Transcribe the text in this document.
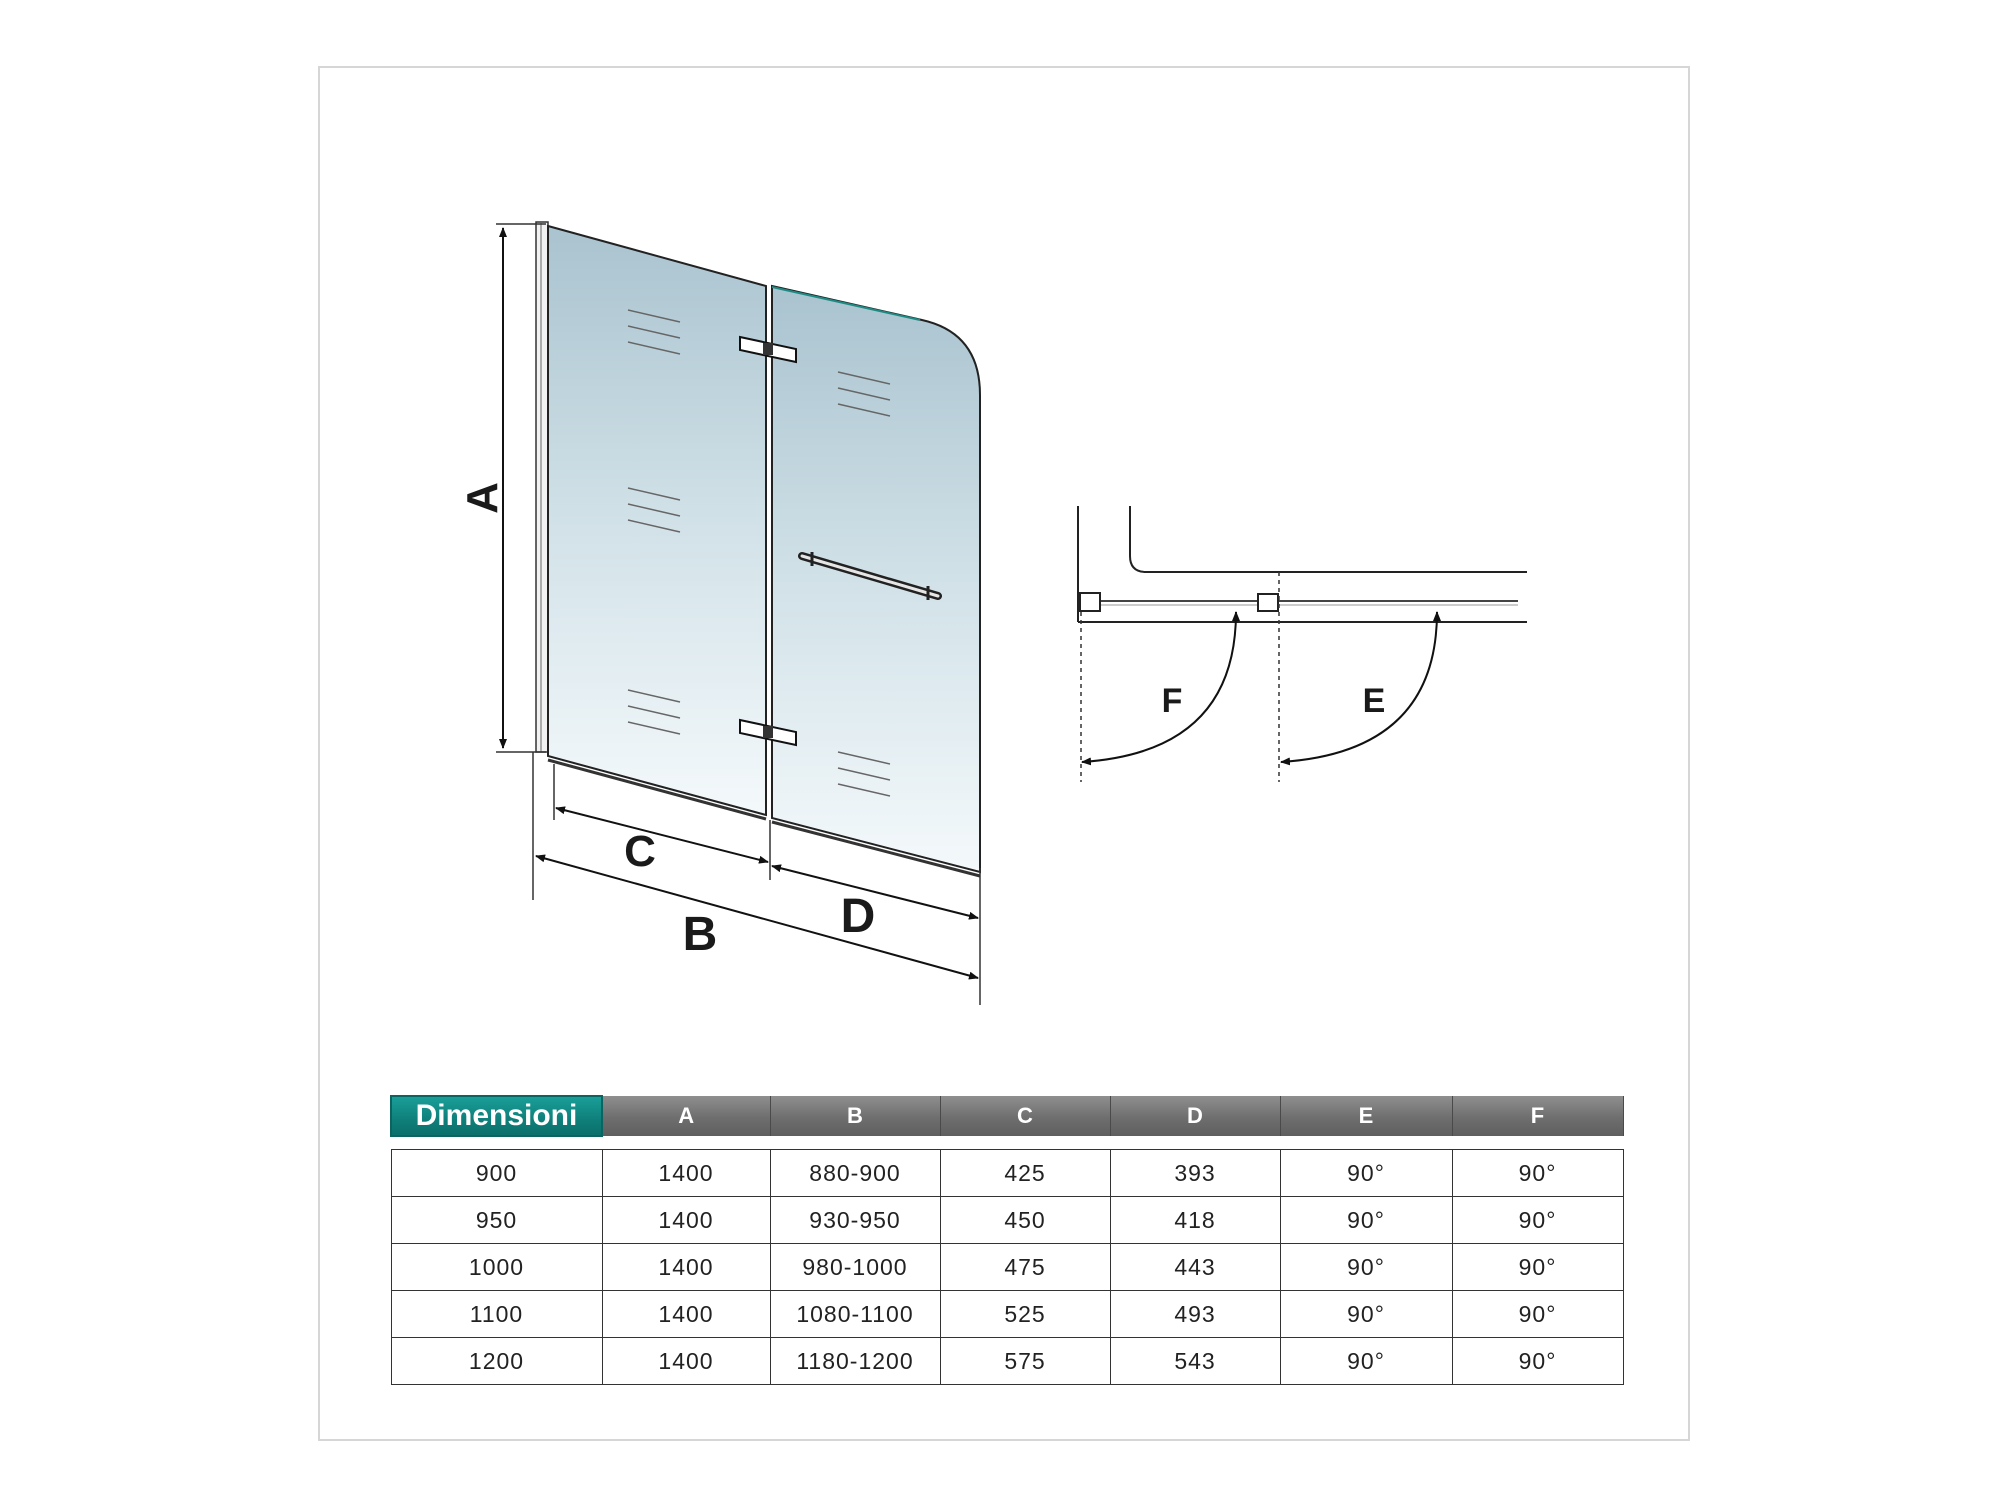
A
C
D
B
F	E
Dimensioni	A	B	C	D	E	F

900	1400	880-900	425	393	90°	90°
950	1400	930-950	450	418	90°	90°
1000	1400	980-1000	475	443	90°	90°
1100	1400	1080-1100	525	493	90°	90°
1200	1400	1180-1200	575	543	90°	90°
